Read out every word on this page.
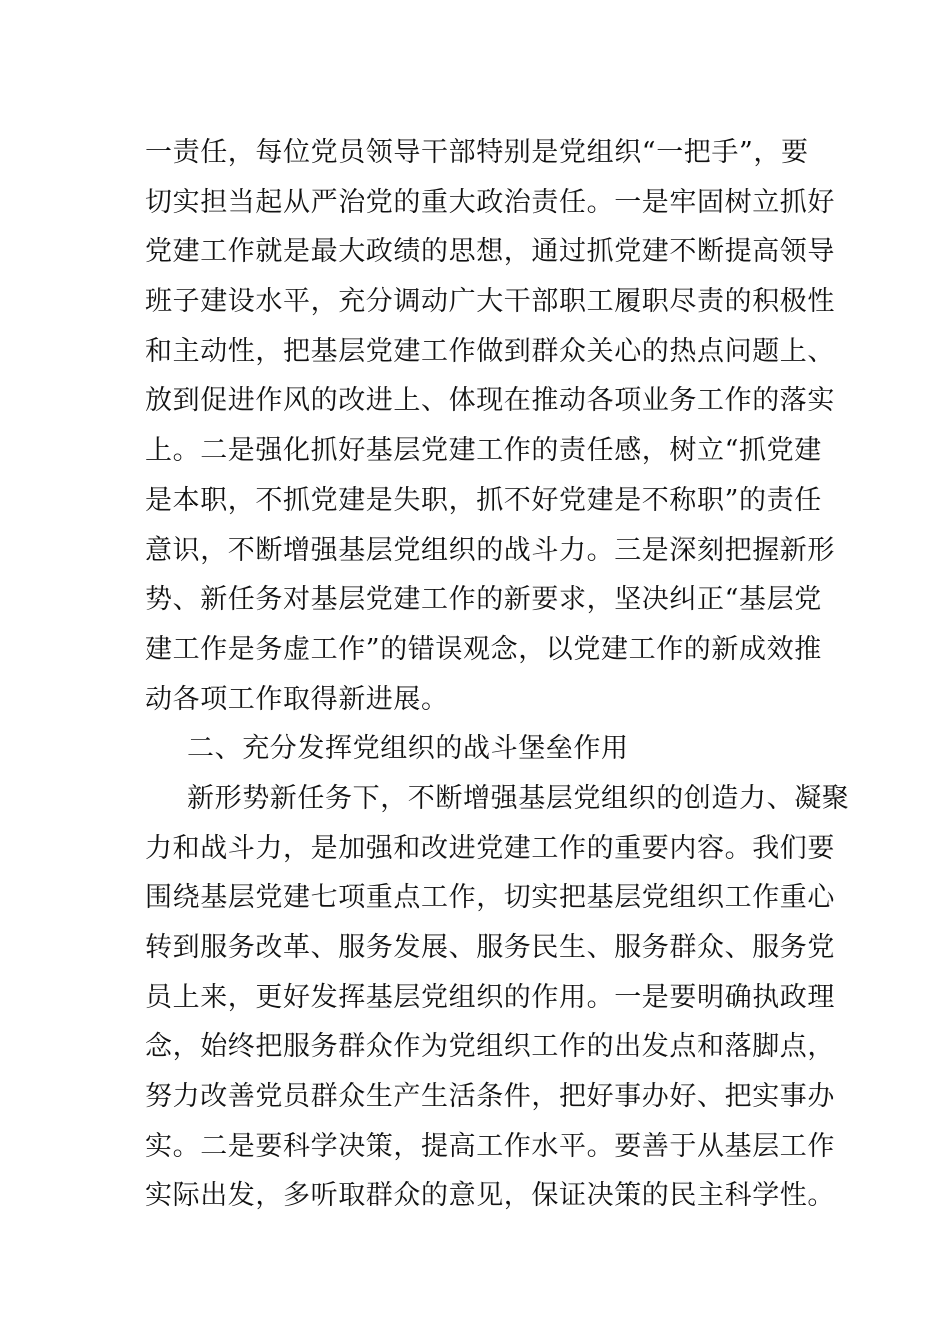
一责任，每位党员领导干部特别是党组织“一把手”，要
切实担当起从严治党的重大政治责任。一是牢固树立抓好
党建工作就是最大政绩的思想，通过抓党建不断提高领导
班子建设水平，充分调动广大干部职工履职尽责的积极性
和主动性，把基层党建工作做到群众关心的热点问题上、
放到促进作风的改进上、体现在推动各项业务工作的落实
上。二是强化抓好基层党建工作的责任感，树立“抓党建
是本职，不抓党建是失职，抓不好党建是不称职”的责任
意识，不断增强基层党组织的战斗力。三是深刻把握新形
势、新任务对基层党建工作的新要求，坚决纠正“基层党
建工作是务虚工作”的错误观念，以党建工作的新成效推
动各项工作取得新进展。
二、充分发挥党组织的战斗堡垒作用
新形势新任务下，不断增强基层党组织的创造力、凝聚
力和战斗力，是加强和改进党建工作的重要内容。我们要
围绕基层党建七项重点工作，切实把基层党组织工作重心
转到服务改革、服务发展、服务民生、服务群众、服务党
员上来，更好发挥基层党组织的作用。一是要明确执政理
念，始终把服务群众作为党组织工作的出发点和落脚点，
努力改善党员群众生产生活条件，把好事办好、把实事办
实。二是要科学决策，提高工作水平。要善于从基层工作
实际出发，多听取群众的意见，保证决策的民主科学性。
